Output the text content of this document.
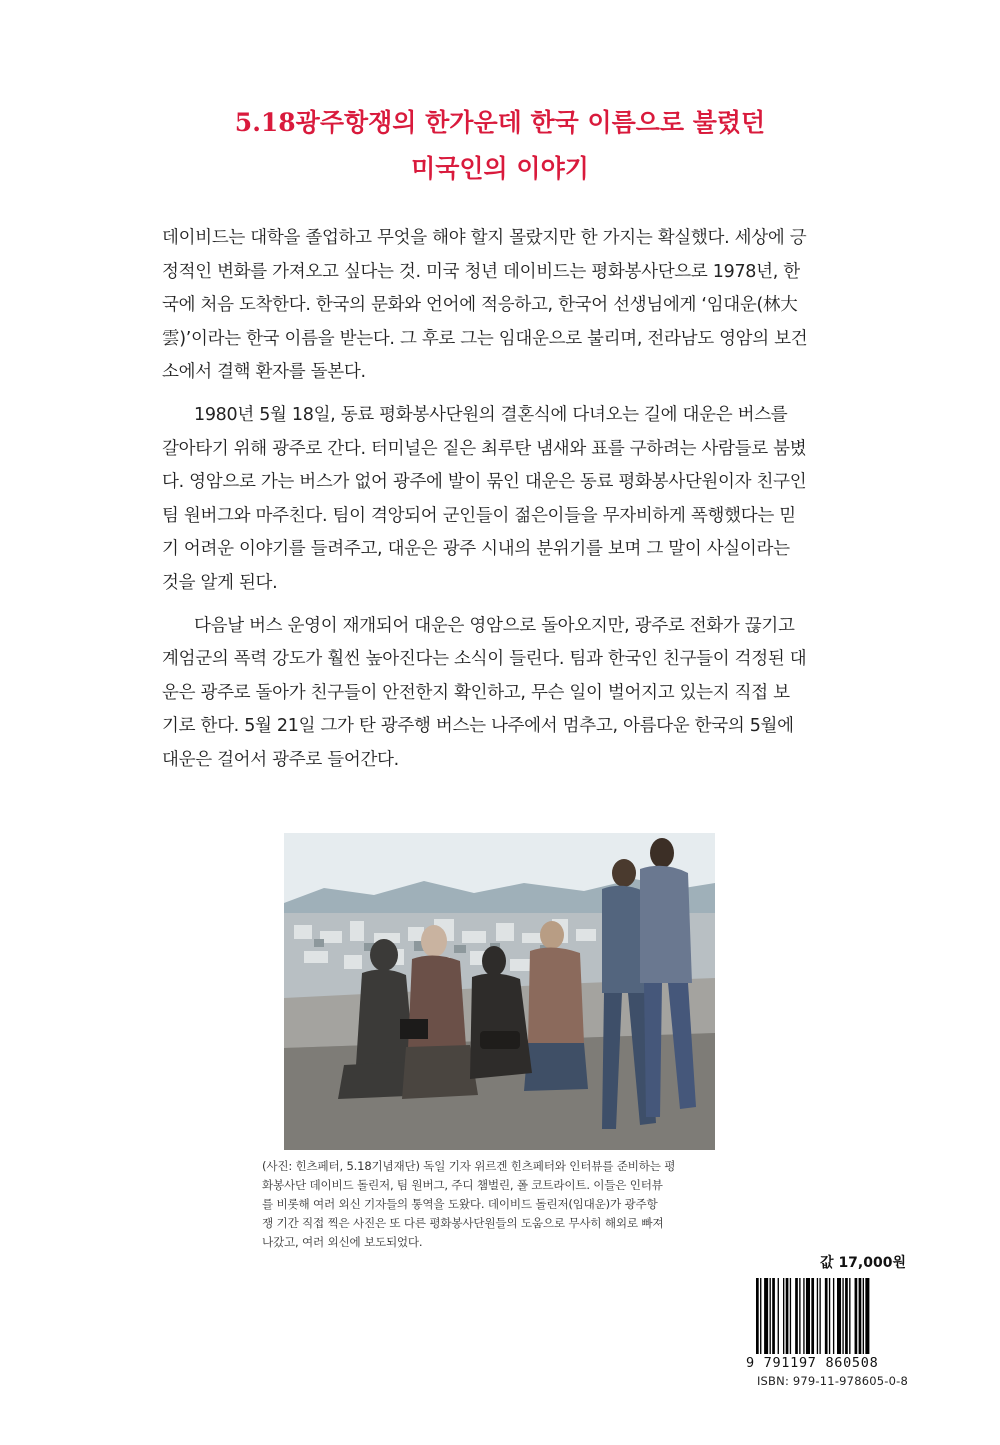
5.18광주항쟁의 한가운데 한국 이름으로 불렸던
미국인의 이야기
데이비드는 대학을 졸업하고 무엇을 해야 할지 몰랐지만 한 가지는 확실했다. 세상에 긍
정적인 변화를 가져오고 싶다는 것. 미국 청년 데이비드는 평화봉사단으로 1978년, 한
국에 처음 도착한다. 한국의 문화와 언어에 적응하고, 한국어 선생님에게 ‘임대운(林大
雲)’이라는 한국 이름을 받는다. 그 후로 그는 임대운으로 불리며, 전라남도 영암의 보건
소에서 결핵 환자를 돌본다.
1980년 5월 18일, 동료 평화봉사단원의 결혼식에 다녀오는 길에 대운은 버스를
갈아타기 위해 광주로 간다. 터미널은 짙은 최루탄 냄새와 표를 구하려는 사람들로 붐볐
다. 영암으로 가는 버스가 없어 광주에 발이 묶인 대운은 동료 평화봉사단원이자 친구인
팀 원버그와 마주친다. 팀이 격앙되어 군인들이 젊은이들을 무자비하게 폭행했다는 믿
기 어려운 이야기를 들려주고, 대운은 광주 시내의 분위기를 보며 그 말이 사실이라는
것을 알게 된다.
다음날 버스 운영이 재개되어 대운은 영암으로 돌아오지만, 광주로 전화가 끊기고
계엄군의 폭력 강도가 훨씬 높아진다는 소식이 들린다. 팀과 한국인 친구들이 걱정된 대
운은 광주로 돌아가 친구들이 안전한지 확인하고, 무슨 일이 벌어지고 있는지 직접 보
기로 한다. 5월 21일 그가 탄 광주행 버스는 나주에서 멈추고, 아름다운 한국의 5월에
대운은 걸어서 광주로 들어간다.
(사진: 힌츠페터, 5.18기념재단) 독일 기자 위르겐 힌츠페터와 인터뷰를 준비하는 평
화봉사단 데이비드 돌린저, 팀 원버그, 주디 챔벌린, 폴 코트라이트. 이들은 인터뷰
를 비롯해 여러 외신 기자들의 통역을 도왔다. 데이비드 돌린저(임대운)가 광주항
쟁 기간 직접 찍은 사진은 또 다른 평화봉사단원들의 도움으로 무사히 해외로 빠져
나갔고, 여러 외신에 보도되었다.
값 17,000원
9 791197 860508
ISBN: 979-11-978605-0-8
